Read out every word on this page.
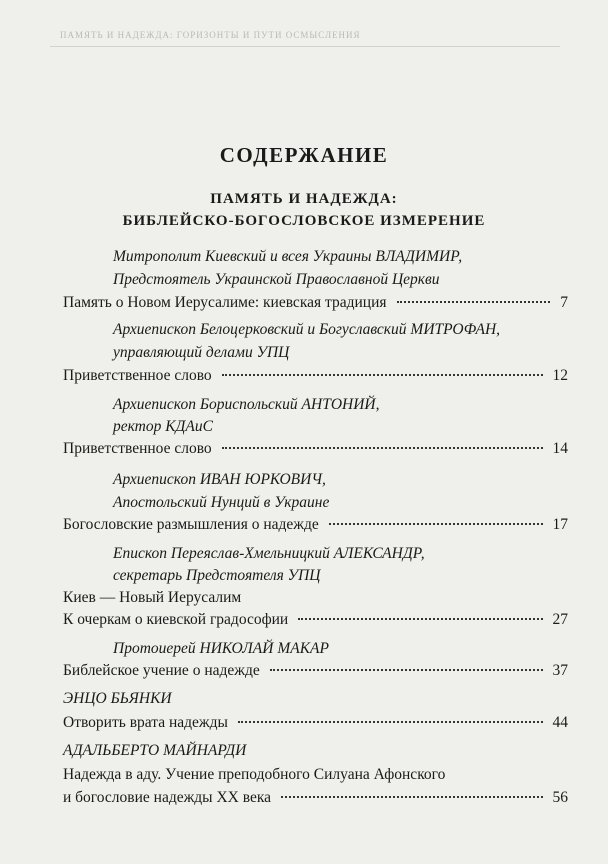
ПАМЯТЬ И НАДЕЖДА: ГОРИЗОНТЫ И ПУТИ ОСМЫСЛЕНИЯ
СОДЕРЖАНИЕ
ПАМЯТЬ И НАДЕЖДА:
БИБЛЕЙСКО-БОГОСЛОВСКОЕ ИЗМЕРЕНИЕ
Митрополит Киевский и всея Украины ВЛАДИМИР,
Предстоятель Украинской Православной Церкви
Память о Новом Иерусалиме: киевская традиция	7
Архиепископ Белоцерковский и Богуславский МИТРОФАН,
управляющий делами УПЦ
Приветственное слово	12
Архиепископ Бориспольский АНТОНИЙ,
ректор КДАиС
Приветственное слово	14
Архиепископ ИВАН ЮРКОВИЧ,
Апостольский Нунций в Украине
Богословские размышления о надежде	17
Епископ Переяслав-Хмельницкий АЛЕКСАНДР,
секретарь Предстоятеля УПЦ
Киев — Новый Иерусалим
К очеркам о киевской градософии	27
Протоиерей НИКОЛАЙ МАКАР
Библейское учение о надежде	37
ЭНЦО БЬЯНКИ
Отворить врата надежды	44
АДАЛЬБЕРТО МАЙНАРДИ
Надежда в аду. Учение преподобного Силуана Афонского
и богословие надежды XX века	56
